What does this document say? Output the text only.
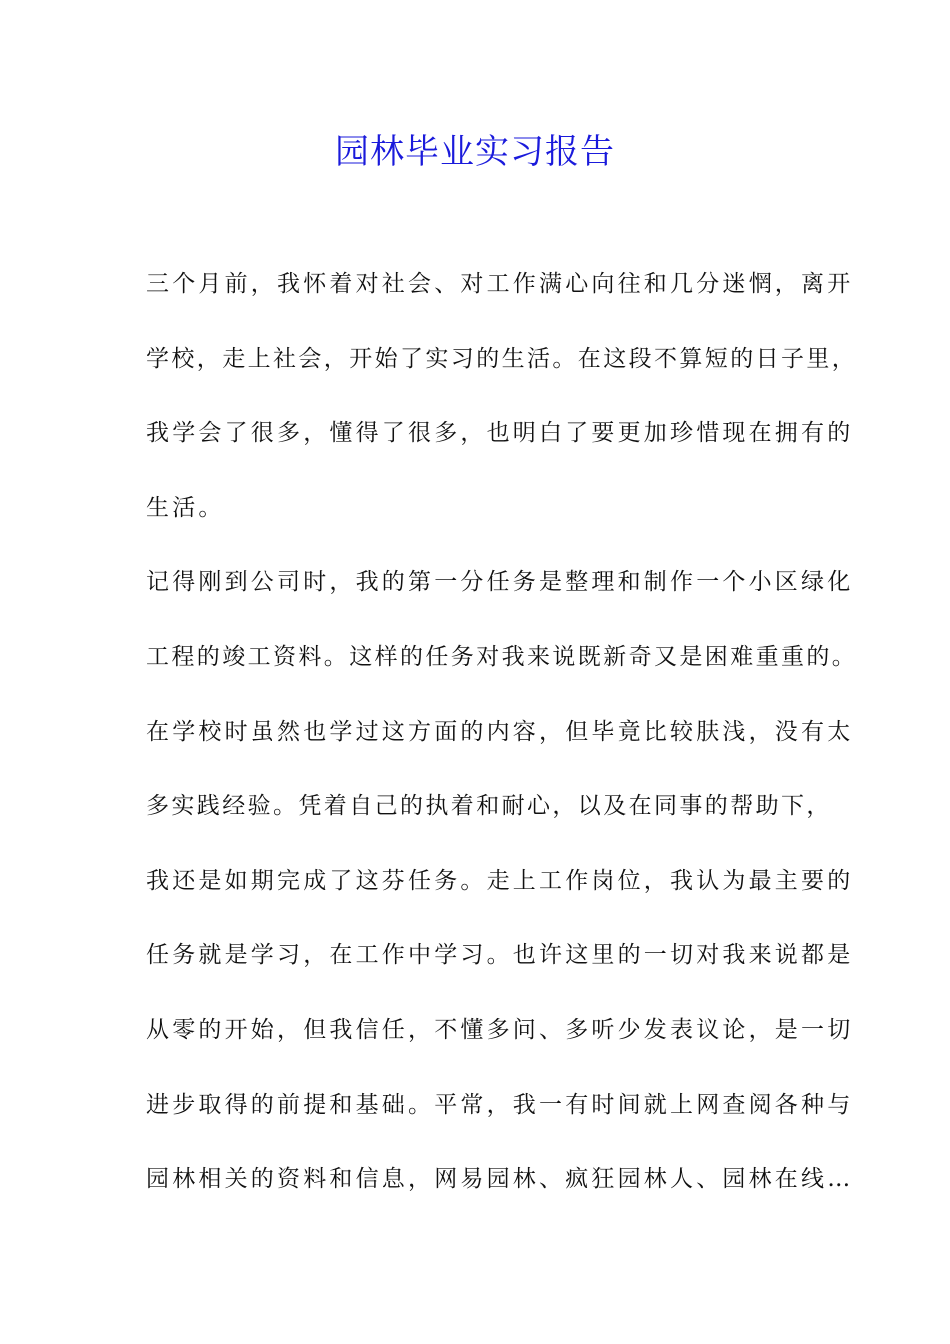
园林毕业实习报告
三个月前，我怀着对社会、对工作满心向往和几分迷惘，离开
学校，走上社会，开始了实习的生活。在这段不算短的日子里，
我学会了很多，懂得了很多，也明白了要更加珍惜现在拥有的
生活。
记得刚到公司时，我的第一分任务是整理和制作一个小区绿化
工程的竣工资料。这样的任务对我来说既新奇又是困难重重的。
在学校时虽然也学过这方面的内容，但毕竟比较肤浅，没有太
多实践经验。凭着自己的执着和耐心，以及在同事的帮助下，
我还是如期完成了这芬任务。走上工作岗位，我认为最主要的
任务就是学习，在工作中学习。也许这里的一切对我来说都是
从零的开始，但我信任，不懂多问、多听少发表议论，是一切
进步取得的前提和基础。平常，我一有时间就上网查阅各种与
园林相关的资料和信息，网易园林、疯狂园林人、园林在线…
